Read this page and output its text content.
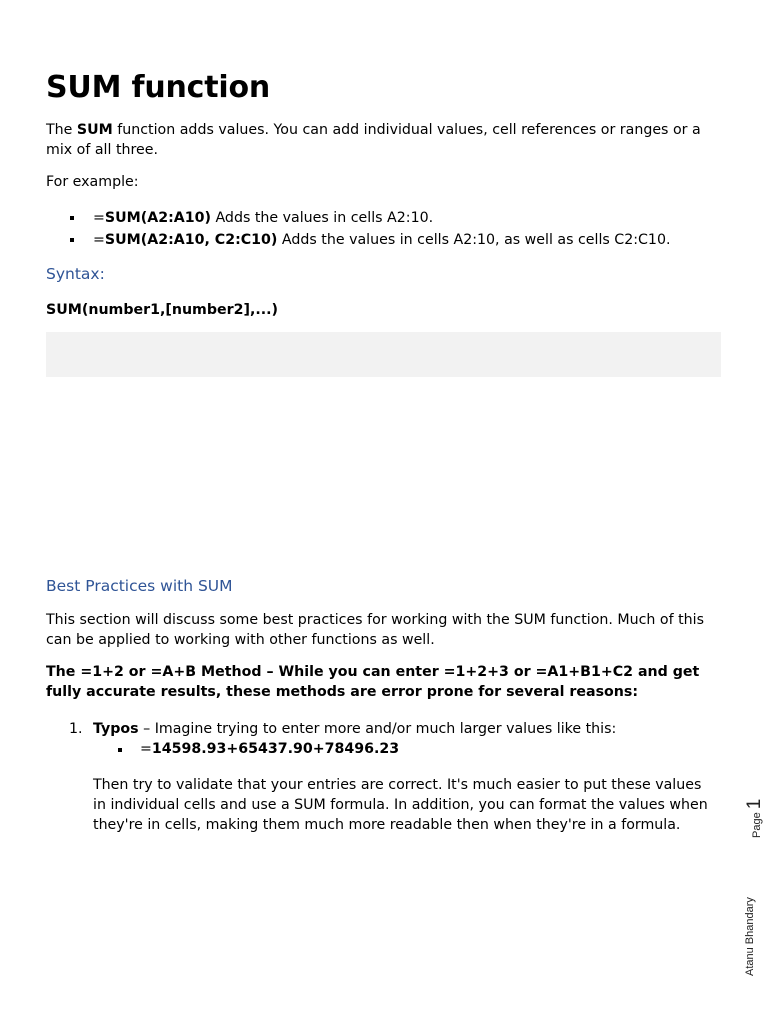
SUM function

The SUM function adds values. You can add individual values, cell references or ranges or a mix of all three.

For example:

=SUM(A2:A10) Adds the values in cells A2:10.
=SUM(A2:A10, C2:C10) Adds the values in cells A2:10, as well as cells C2:C10.
Syntax:

SUM(number1,[number2],...)

Best Practices with SUM

This section will discuss some best practices for working with the SUM function. Much of this can be applied to working with other functions as well.

The =1+2 or =A+B Method – While you can enter =1+2+3 or =A1+B1+C2 and get fully accurate results, these methods are error prone for several reasons:

1. Typos – Imagine trying to enter more and/or much larger values like this:
=14598.93+65437.90+78496.23

Then try to validate that your entries are correct. It's much easier to put these values in individual cells and use a SUM formula. In addition, you can format the values when they're in cells, making them much more readable then when they're in a formula.	Page 1
Atanu Bhandary
